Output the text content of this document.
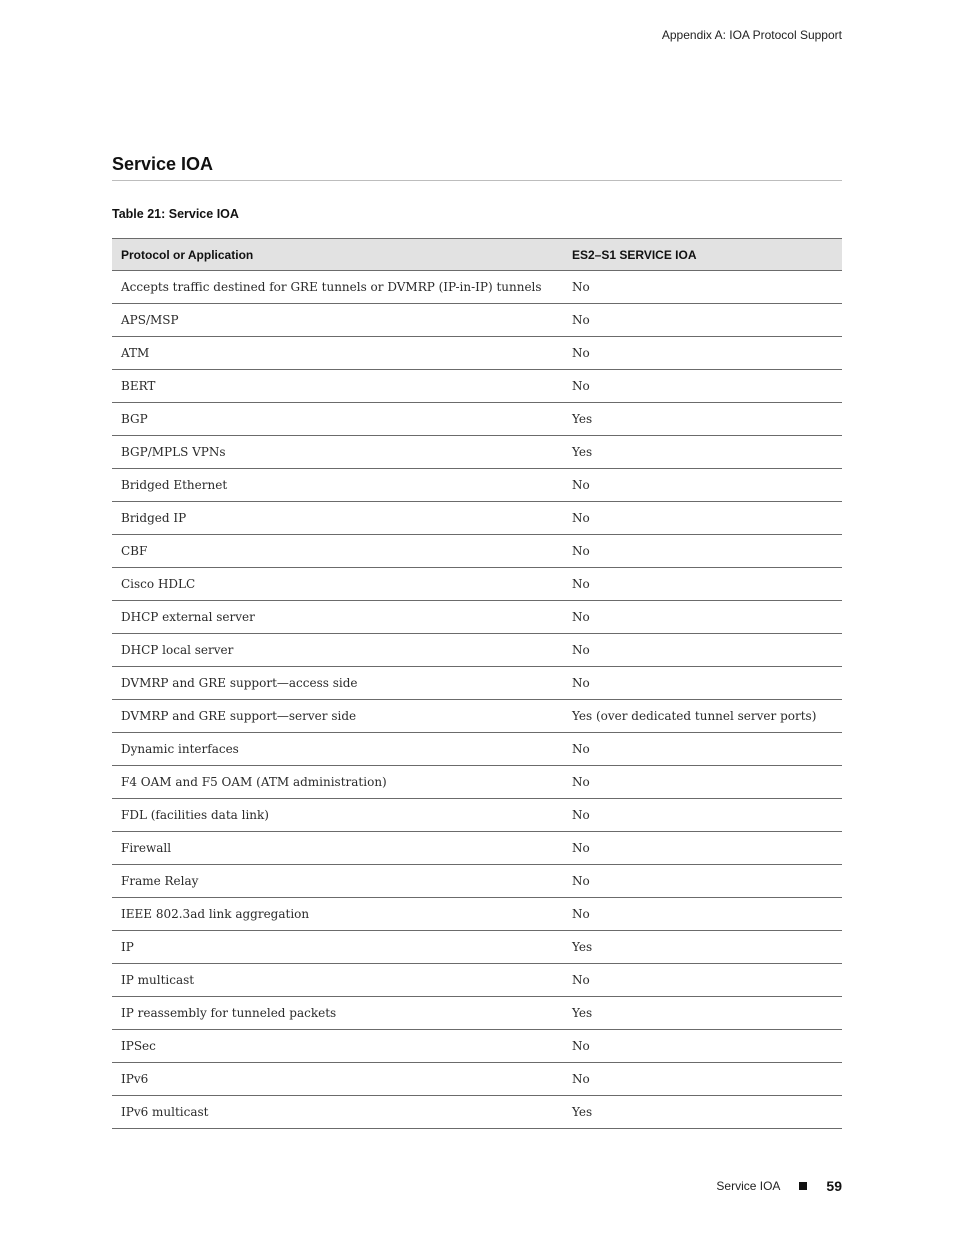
Appendix A: IOA Protocol Support
Service IOA
Table 21: Service IOA
Protocol or Application	ES2–S1 SERVICE IOA
Accepts traffic destined for GRE tunnels or DVMRP (IP-in-IP) tunnels	No
APS/MSP	No
ATM	No
BERT	No
BGP	Yes
BGP/MPLS VPNs	Yes
Bridged Ethernet	No
Bridged IP	No
CBF	No
Cisco HDLC	No
DHCP external server	No
DHCP local server	No
DVMRP and GRE support—access side	No
DVMRP and GRE support—server side	Yes (over dedicated tunnel server ports)
Dynamic interfaces	No
F4 OAM and F5 OAM (ATM administration)	No
FDL (facilities data link)	No
Firewall	No
Frame Relay	No
IEEE 802.3ad link aggregation	No
IP	Yes
IP multicast	No
IP reassembly for tunneled packets	Yes
IPSec	No
IPv6	No
IPv6 multicast	Yes
Service IOA	59
